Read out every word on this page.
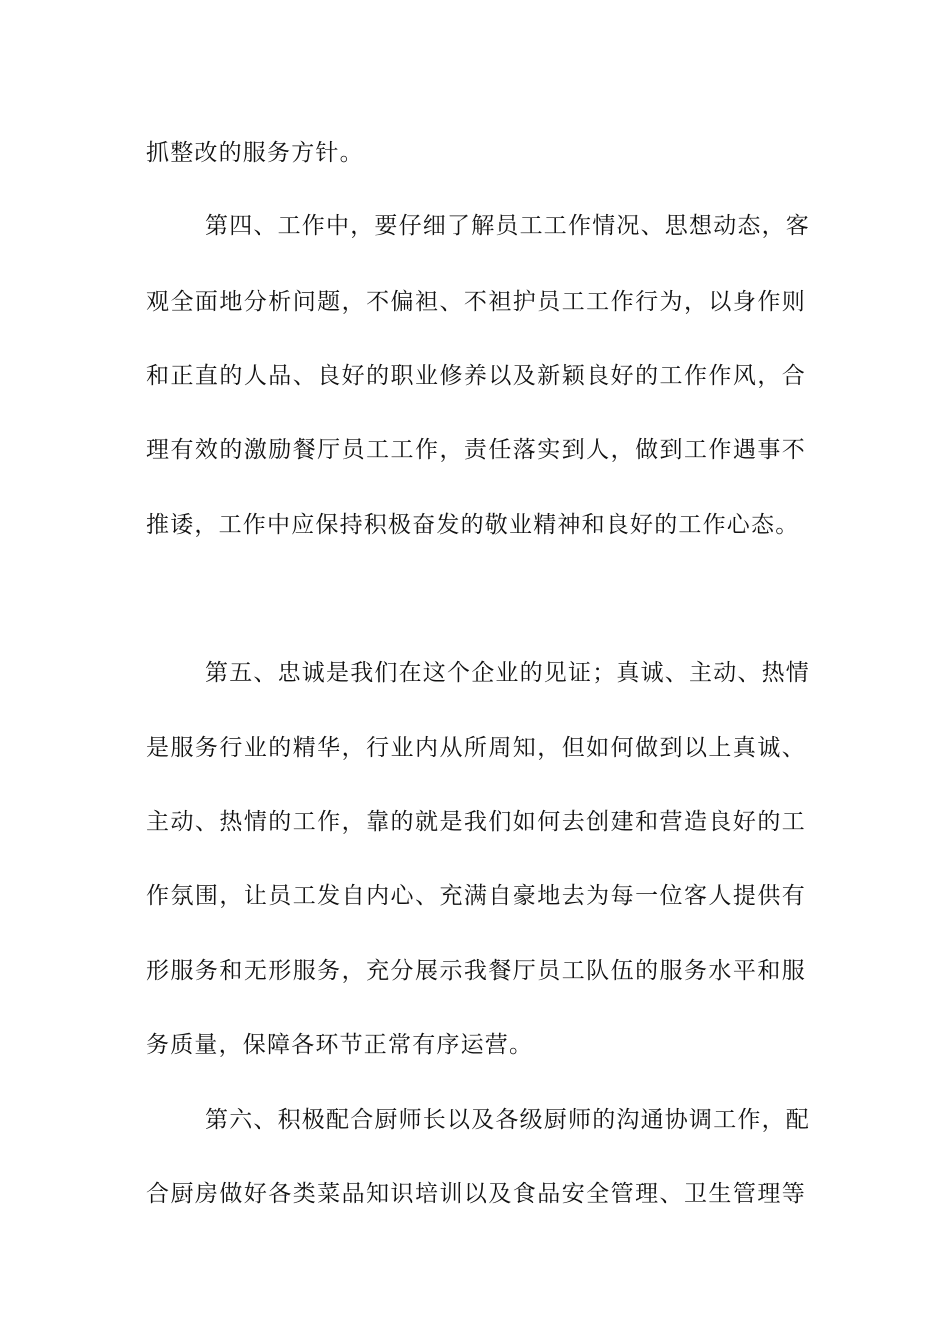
抓整改的服务方针。
第四、工作中，要仔细了解员工工作情况、思想动态，客
观全面地分析问题，不偏袒、不袒护员工工作行为，以身作则
和正直的人品、良好的职业修养以及新颖良好的工作作风，合
理有效的激励餐厅员工工作，责任落实到人，做到工作遇事不
推诿，工作中应保持积极奋发的敬业精神和良好的工作心态。
第五、忠诚是我们在这个企业的见证；真诚、主动、热情
是服务行业的精华，行业内从所周知，但如何做到以上真诚、
主动、热情的工作，靠的就是我们如何去创建和营造良好的工
作氛围，让员工发自内心、充满自豪地去为每一位客人提供有
形服务和无形服务，充分展示我餐厅员工队伍的服务水平和服
务质量，保障各环节正常有序运营。
第六、积极配合厨师长以及各级厨师的沟通协调工作，配
合厨房做好各类菜品知识培训以及食品安全管理、卫生管理等
